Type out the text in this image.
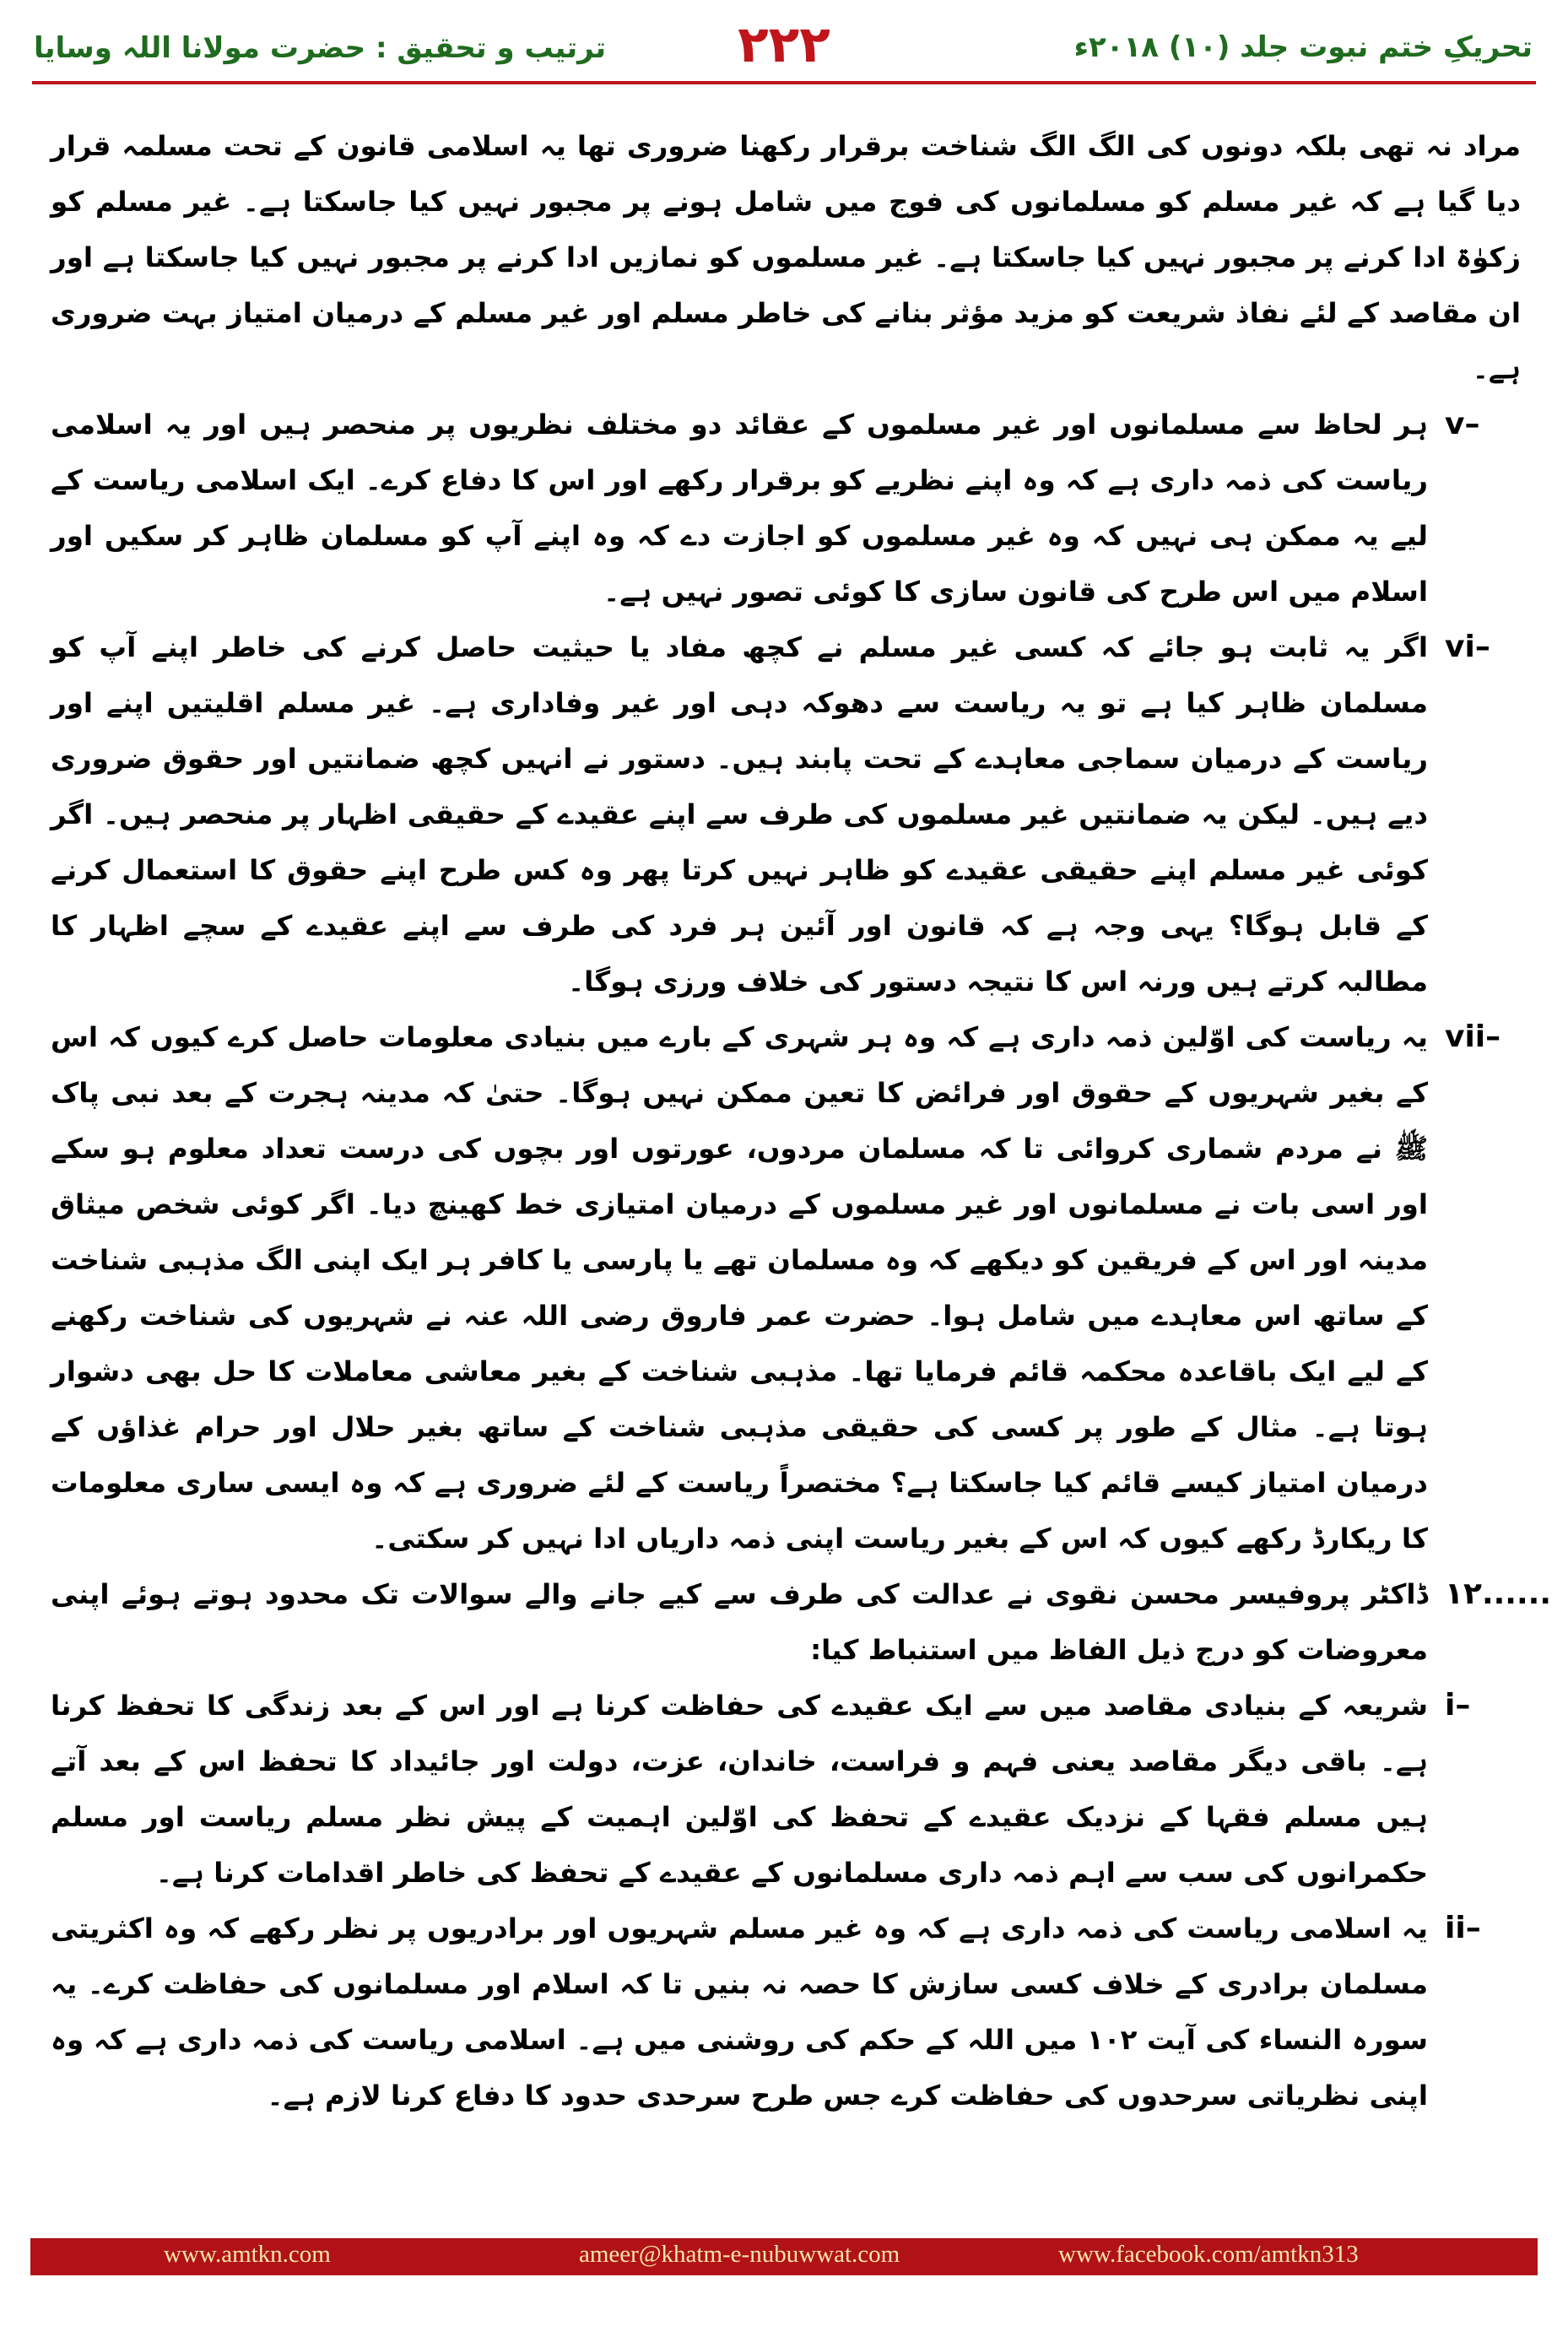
تحریکِ ختم نبوت جلد (۱۰) ۲۰۱۸ء
۲۲۲
ترتیب و تحقیق : حضرت مولانا اللہ وسایا
مراد نہ تھی بلکہ دونوں کی الگ الگ شناخت برقرار رکھنا ضروری تھا یہ اسلامی قانون کے تحت مسلمہ قرار دیا گیا ہے کہ غیر مسلم کو مسلمانوں کی فوج میں شامل ہونے پر مجبور نہیں کیا جاسکتا ہے۔ غیر مسلم کو زکوٰۃ ادا کرنے پر مجبور نہیں کیا جاسکتا ہے۔ غیر مسلموں کو نمازیں ادا کرنے پر مجبور نہیں کیا جاسکتا ہے اور ان مقاصد کے لئے نفاذ شریعت کو مزید مؤثر بنانے کی خاطر مسلم اور غیر مسلم کے درمیان امتیاز بہت ضروری ہے۔
v–
ہر لحاظ سے مسلمانوں اور غیر مسلموں کے عقائد دو مختلف نظریوں پر منحصر ہیں اور یہ اسلامی ریاست کی ذمہ داری ہے کہ وہ اپنے نظریے کو برقرار رکھے اور اس کا دفاع کرے۔ ایک اسلامی ریاست کے لیے یہ ممکن ہی نہیں کہ وہ غیر مسلموں کو اجازت دے کہ وہ اپنے آپ کو مسلمان ظاہر کر سکیں اور اسلام میں اس طرح کی قانون سازی کا کوئی تصور نہیں ہے۔
vi–
اگر یہ ثابت ہو جائے کہ کسی غیر مسلم نے کچھ مفاد یا حیثیت حاصل کرنے کی خاطر اپنے آپ کو مسلمان ظاہر کیا ہے تو یہ ریاست سے دھوکہ دہی اور غیر وفاداری ہے۔ غیر مسلم اقلیتیں اپنے اور ریاست کے درمیان سماجی معاہدے کے تحت پابند ہیں۔ دستور نے انہیں کچھ ضمانتیں اور حقوق ضروری دیے ہیں۔ لیکن یہ ضمانتیں غیر مسلموں کی طرف سے اپنے عقیدے کے حقیقی اظہار پر منحصر ہیں۔ اگر کوئی غیر مسلم اپنے حقیقی عقیدے کو ظاہر نہیں کرتا پھر وہ کس طرح اپنے حقوق کا استعمال کرنے کے قابل ہوگا؟ یہی وجہ ہے کہ قانون اور آئین ہر فرد کی طرف سے اپنے عقیدے کے سچے اظہار کا مطالبہ کرتے ہیں ورنہ اس کا نتیجہ دستور کی خلاف ورزی ہوگا۔
vii–
یہ ریاست کی اوّلین ذمہ داری ہے کہ وہ ہر شہری کے بارے میں بنیادی معلومات حاصل کرے کیوں کہ اس کے بغیر شہریوں کے حقوق اور فرائض کا تعین ممکن نہیں ہوگا۔ حتیٰ کہ مدینہ ہجرت کے بعد نبی پاک ﷺ نے مردم شماری کروائی تا کہ مسلمان مردوں، عورتوں اور بچوں کی درست تعداد معلوم ہو سکے اور اسی بات نے مسلمانوں اور غیر مسلموں کے درمیان امتیازی خط کھینچ دیا۔ اگر کوئی شخص میثاق مدینہ اور اس کے فریقین کو دیکھے کہ وہ مسلمان تھے یا پارسی یا کافر ہر ایک اپنی الگ مذہبی شناخت کے ساتھ اس معاہدے میں شامل ہوا۔ حضرت عمر فاروق رضی اللہ عنہ نے شہریوں کی شناخت رکھنے کے لیے ایک باقاعدہ محکمہ قائم فرمایا تھا۔ مذہبی شناخت کے بغیر معاشی معاملات کا حل بھی دشوار ہوتا ہے۔ مثال کے طور پر کسی کی حقیقی مذہبی شناخت کے ساتھ بغیر حلال اور حرام غذاؤں کے درمیان امتیاز کیسے قائم کیا جاسکتا ہے؟ مختصراً ریاست کے لئے ضروری ہے کہ وہ ایسی ساری معلومات کا ریکارڈ رکھے کیوں کہ اس کے بغیر ریاست اپنی ذمہ داریاں ادا نہیں کر سکتی۔
۱۲......
ڈاکٹر پروفیسر محسن نقوی نے عدالت کی طرف سے کیے جانے والے سوالات تک محدود ہوتے ہوئے اپنی معروضات کو درج ذیل الفاظ میں استنباط کیا:
i–
شریعہ کے بنیادی مقاصد میں سے ایک عقیدے کی حفاظت کرنا ہے اور اس کے بعد زندگی کا تحفظ کرنا ہے۔ باقی دیگر مقاصد یعنی فہم و فراست، خاندان، عزت، دولت اور جائیداد کا تحفظ اس کے بعد آتے ہیں مسلم فقہا کے نزدیک عقیدے کے تحفظ کی اوّلین اہمیت کے پیش نظر مسلم ریاست اور مسلم حکمرانوں کی سب سے اہم ذمہ داری مسلمانوں کے عقیدے کے تحفظ کی خاطر اقدامات کرنا ہے۔
ii–
یہ اسلامی ریاست کی ذمہ داری ہے کہ وہ غیر مسلم شہریوں اور برادریوں پر نظر رکھے کہ وہ اکثریتی مسلمان برادری کے خلاف کسی سازش کا حصہ نہ بنیں تا کہ اسلام اور مسلمانوں کی حفاظت کرے۔ یہ سورہ النساء کی آیت ۱۰۲ میں اللہ کے حکم کی روشنی میں ہے۔ اسلامی ریاست کی ذمہ داری ہے کہ وہ اپنی نظریاتی سرحدوں کی حفاظت کرے جس طرح سرحدی حدود کا دفاع کرنا لازم ہے۔
www.amtkn.com	ameer@khatm-e-nubuwwat.com	www.facebook.com/amtkn313
